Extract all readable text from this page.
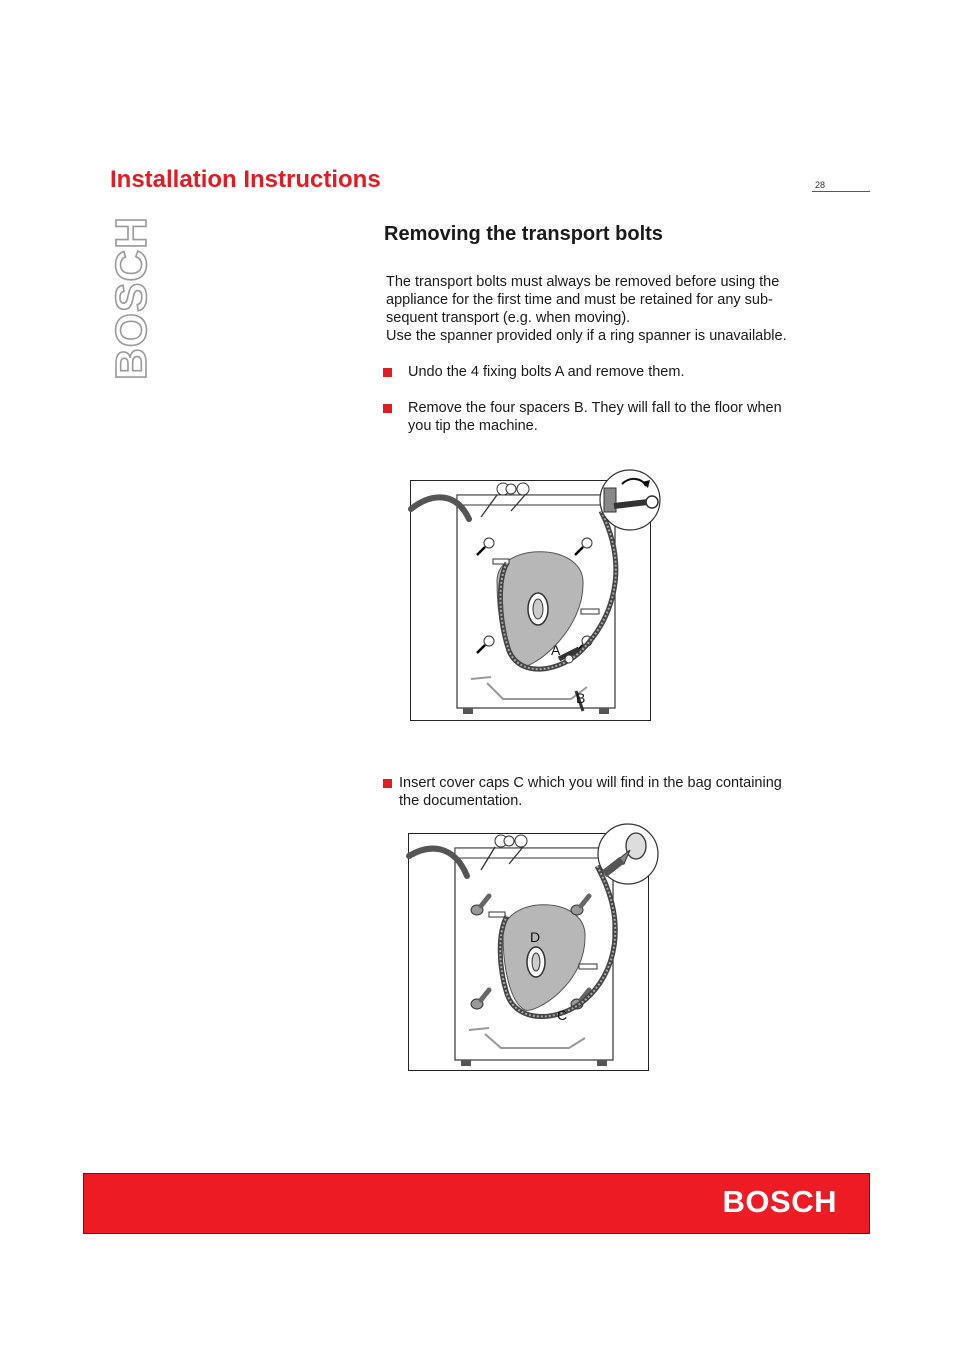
Installation Instructions	28
BOSCH	Removing the transport bolts
The transport bolts must always be removed before using the
appliance for the first time and must be retained for any sub-
sequent transport (e.g. when moving).
Use the spanner provided only if a ring spanner is unavailable.
Undo the 4 fixing bolts A and remove them.
Remove the four spacers B. They will fall to the floor when
you tip the machine.
A
B
Insert cover caps C which you will find in the bag containing
the documentation.
D
C
BOSCH
